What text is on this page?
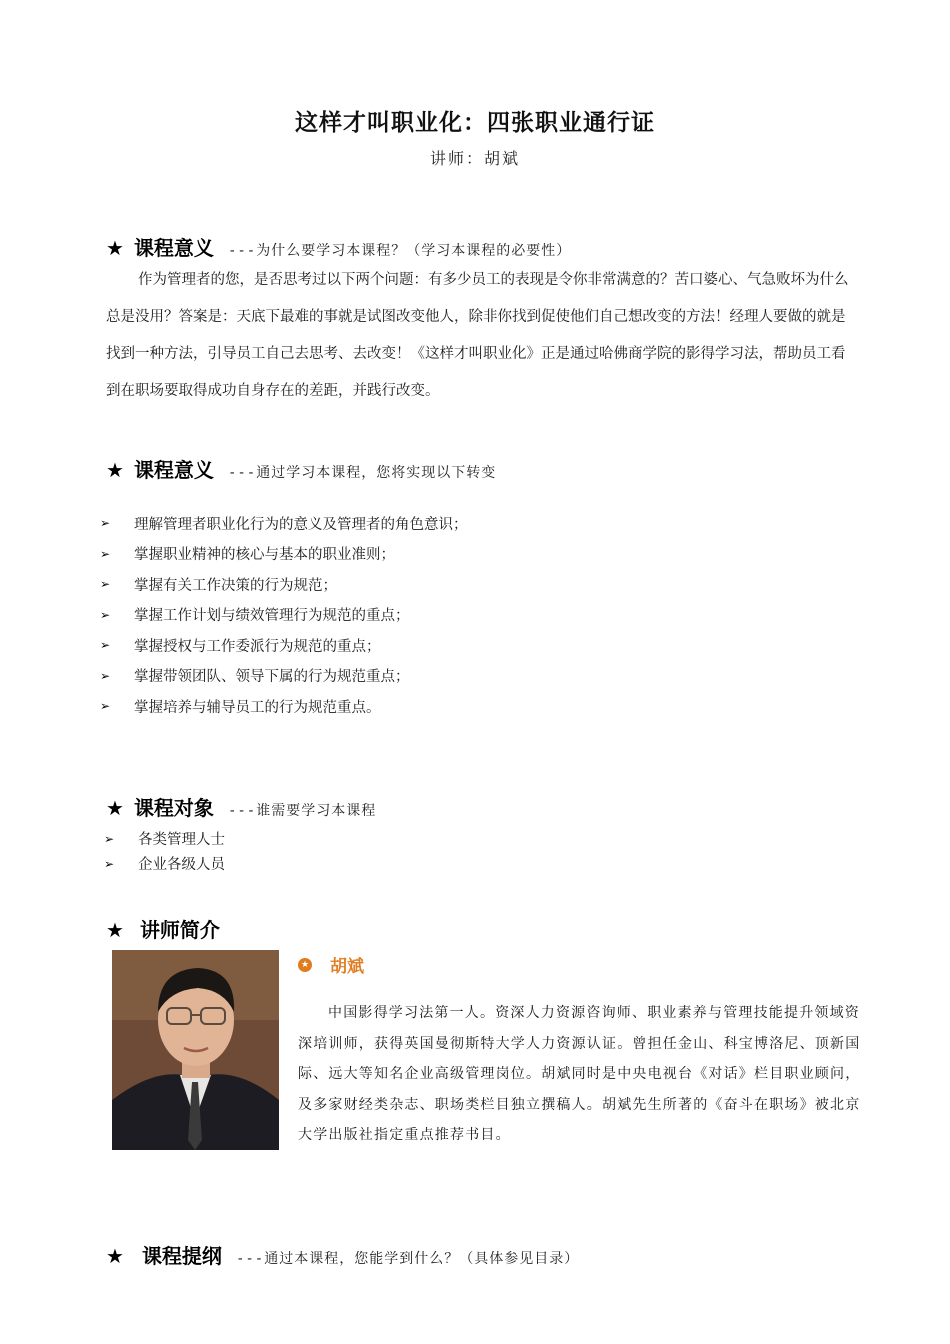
这样才叫职业化：四张职业通行证
讲师：胡斌
★ 课程意义 ---为什么要学习本课程？（学习本课程的必要性）
作为管理者的您，是否思考过以下两个问题：有多少员工的表现是令你非常满意的？苦口婆心、气急败坏为什么总是没用？答案是：天底下最难的事就是试图改变他人，除非你找到促使他们自己想改变的方法！经理人要做的就是找到一种方法，引导员工自己去思考、去改变！《这样才叫职业化》正是通过哈佛商学院的影得学习法，帮助员工看到在职场要取得成功自身存在的差距，并践行改变。
★ 课程意义 ---通过学习本课程，您将实现以下转变
➢	理解管理者职业化行为的意义及管理者的角色意识；
➢	掌握职业精神的核心与基本的职业准则；
➢	掌握有关工作决策的行为规范；
➢	掌握工作计划与绩效管理行为规范的重点；
➢	掌握授权与工作委派行为规范的重点；
➢	掌握带领团队、领导下属的行为规范重点；
➢	掌握培养与辅导员工的行为规范重点。
★ 课程对象 ---谁需要学习本课程
➢	各类管理人士
➢	企业各级人员
★ 讲师简介
★ 胡斌
中国影得学习法第一人。资深人力资源咨询师、职业素养与管理技能提升领域资深培训师，获得英国曼彻斯特大学人力资源认证。曾担任金山、科宝博洛尼、顶新国际、远大等知名企业高级管理岗位。胡斌同时是中央电视台《对话》栏目职业顾问，及多家财经类杂志、职场类栏目独立撰稿人。胡斌先生所著的《奋斗在职场》被北京大学出版社指定重点推荐书目。
★ 课程提纲 ---通过本课程，您能学到什么？（具体参见目录）
